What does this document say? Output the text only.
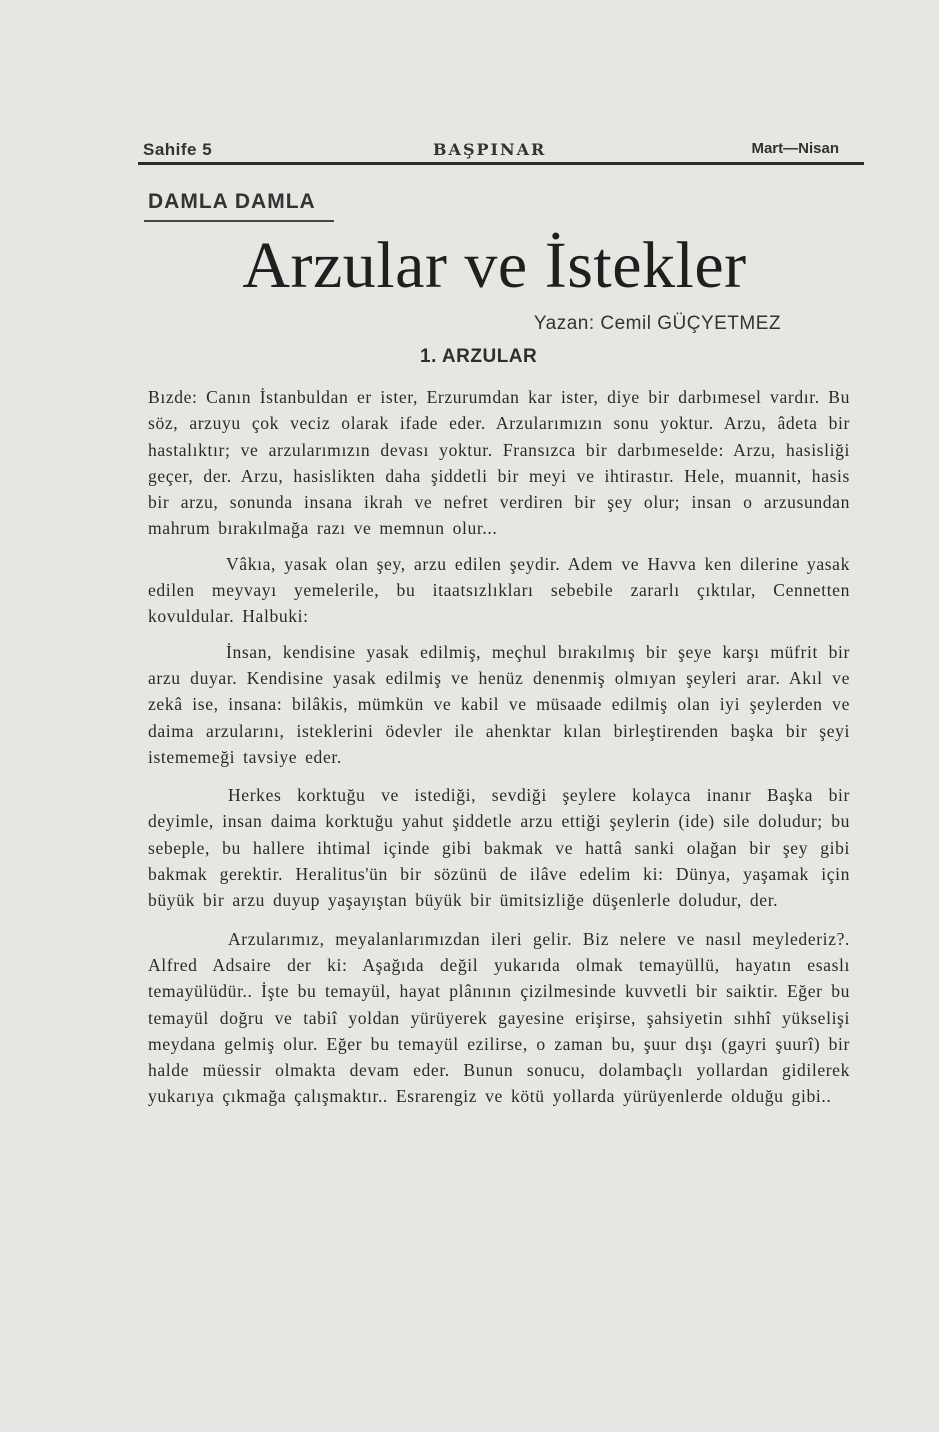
Sahife 5	BAŞPINAR	Mart—Nisan
DAMLA DAMLA
Arzular ve İstekler
Yazan: Cemil GÜÇYETMEZ
1. ARZULAR

Bızde: Canın İstanbuldan er ister, Erzurumdan kar ister, diye bir darbımesel vardır. Bu söz, arzuyu çok veciz olarak ifade eder. Arzularımızın sonu yoktur. Arzu, âdeta bir hastalıktır; ve arzularımızın devası yoktur. Fransızca bir darbımeselde: Arzu, hasisliği geçer, der. Arzu, hasislikten daha şiddetli bir meyi ve ihtirastır. Hele, muannit, hasis bir arzu, sonunda insana ikrah ve nefret verdiren bir şey olur; insan o arzusundan mahrum bırakılmağa razı ve memnun olur...

Vâkıa, yasak olan şey, arzu edilen şeydir. Adem ve Havva ken dilerine yasak edilen meyvayı yemelerile, bu itaatsızlıkları sebebile zararlı çıktılar, Cennetten kovuldular. Halbuki:

İnsan, kendisine yasak edilmiş, meçhul bırakılmış bir şeye karşı müfrit bir arzu duyar. Kendisine yasak edilmiş ve henüz denenmiş olmıyan şeyleri arar. Akıl ve zekâ ise, insana: bilâkis, mümkün ve kabil ve müsaade edilmiş olan iyi şeylerden ve daima arzularını, isteklerini ödevler ile ahenktar kılan birleştirenden başka bir şeyi istememeği tavsiye eder.

Herkes korktuğu ve istediği, sevdiği şeylere kolayca inanır Başka bir deyimle, insan daima korktuğu yahut şiddetle arzu ettiği şeylerin (ide) sile doludur; bu sebeple, bu hallere ihtimal içinde gibi bakmak ve hattâ sanki olağan bir şey gibi bakmak gerektir. Heralitus'ün bir sözünü de ilâve edelim ki: Dünya, yaşamak için büyük bir arzu duyup yaşayıştan büyük bir ümitsizliğe düşenlerle doludur, der.

Arzularımız, meyalanlarımızdan ileri gelir. Biz nelere ve nasıl meylederiz?. Alfred Adsaire der ki: Aşağıda değil yukarıda olmak temayüllü, hayatın esaslı temayülüdür.. İşte bu temayül, hayat plânının çizilmesinde kuvvetli bir saiktir. Eğer bu temayül doğru ve tabiî yoldan yürüyerek gayesine erişirse, şahsiyetin sıhhî yükselişi meydana gelmiş olur. Eğer bu temayül ezilirse, o zaman bu, şuur dışı (gayri şuurî) bir halde müessir olmakta devam eder. Bunun sonucu, dolambaçlı yollardan gidilerek yukarıya çıkmağa çalışmaktır.. Esrarengiz ve kötü yollarda yürüyenlerde olduğu gibi..
